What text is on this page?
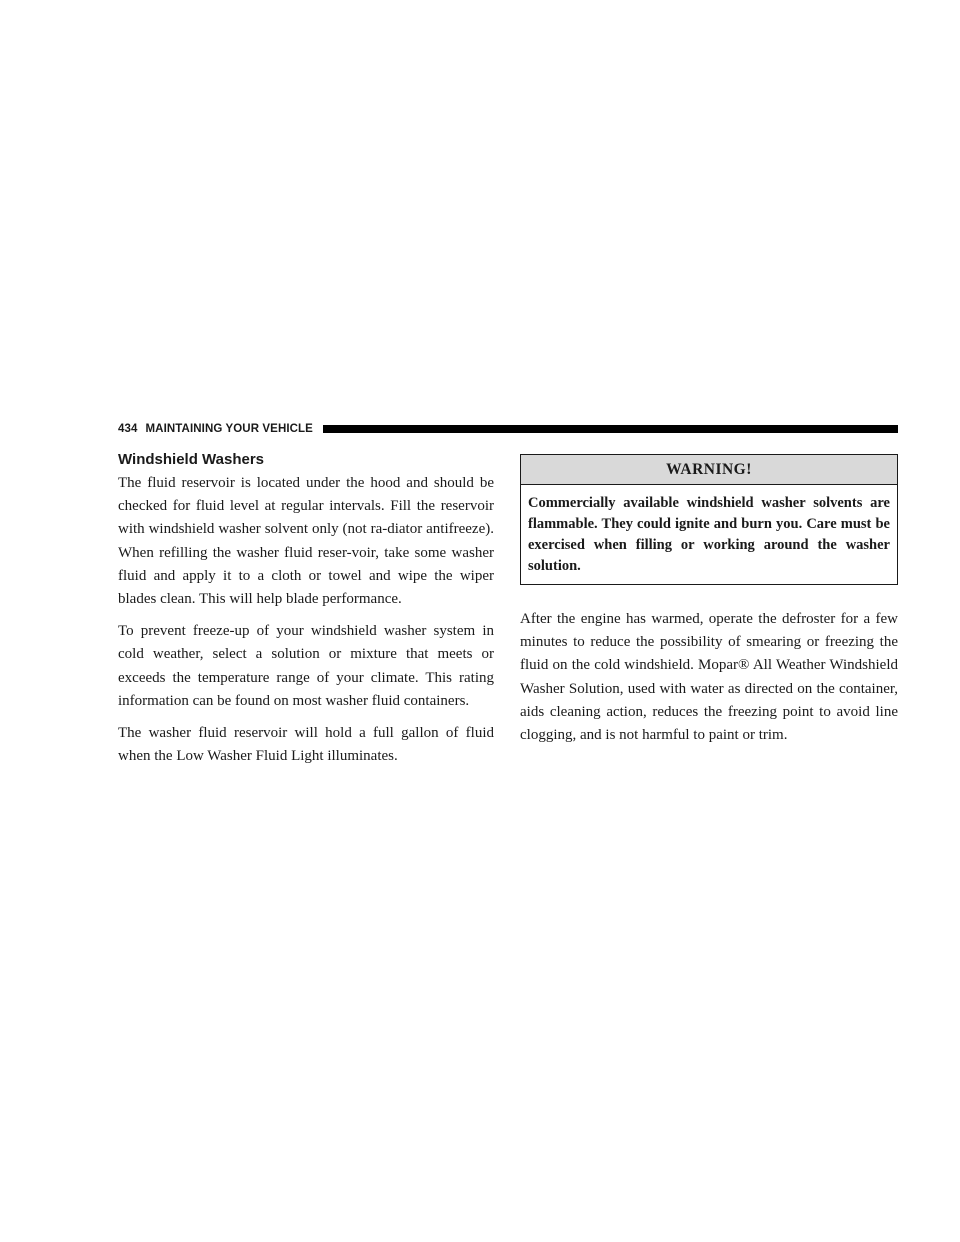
434 MAINTAINING YOUR VEHICLE
Windshield Washers

The fluid reservoir is located under the hood and should be checked for fluid level at regular intervals. Fill the reservoir with windshield washer solvent only (not ra-diator antifreeze). When refilling the washer fluid reser-voir, take some washer fluid and apply it to a cloth or towel and wipe the wiper blades clean. This will help blade performance.

To prevent freeze-up of your windshield washer system in cold weather, select a solution or mixture that meets or exceeds the temperature range of your climate. This rating information can be found on most washer fluid containers.

The washer fluid reservoir will hold a full gallon of fluid when the Low Washer Fluid Light illuminates.

WARNING!
Commercially available windshield washer solvents are flammable. They could ignite and burn you. Care must be exercised when filling or working around the washer solution.

After the engine has warmed, operate the defroster for a few minutes to reduce the possibility of smearing or freezing the fluid on the cold windshield. Mopar® All Weather Windshield Washer Solution, used with water as directed on the container, aids cleaning action, reduces the freezing point to avoid line clogging, and is not harmful to paint or trim.
